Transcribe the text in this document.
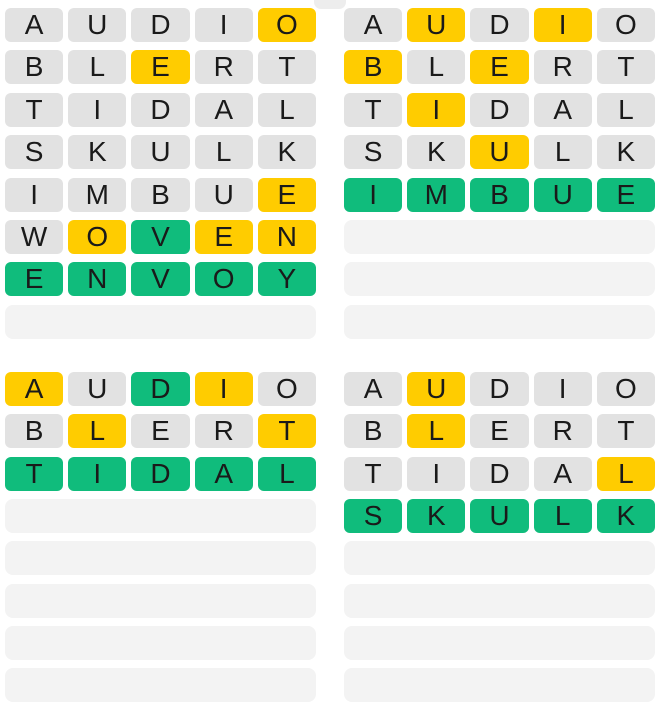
A	U	D	I	O
B	L	E	R	T
T	I	D	A	L
S	K	U	L	K
I	M	B	U	E
W	O	V	E	N
E	N	V	O	Y
A	U	D	I	O
B	L	E	R	T
T	I	D	A	L
S	K	U	L	K
I	M	B	U	E
A	U	D	I	O
B	L	E	R	T
T	I	D	A	L
A	U	D	I	O
B	L	E	R	T
T	I	D	A	L
S	K	U	L	K
